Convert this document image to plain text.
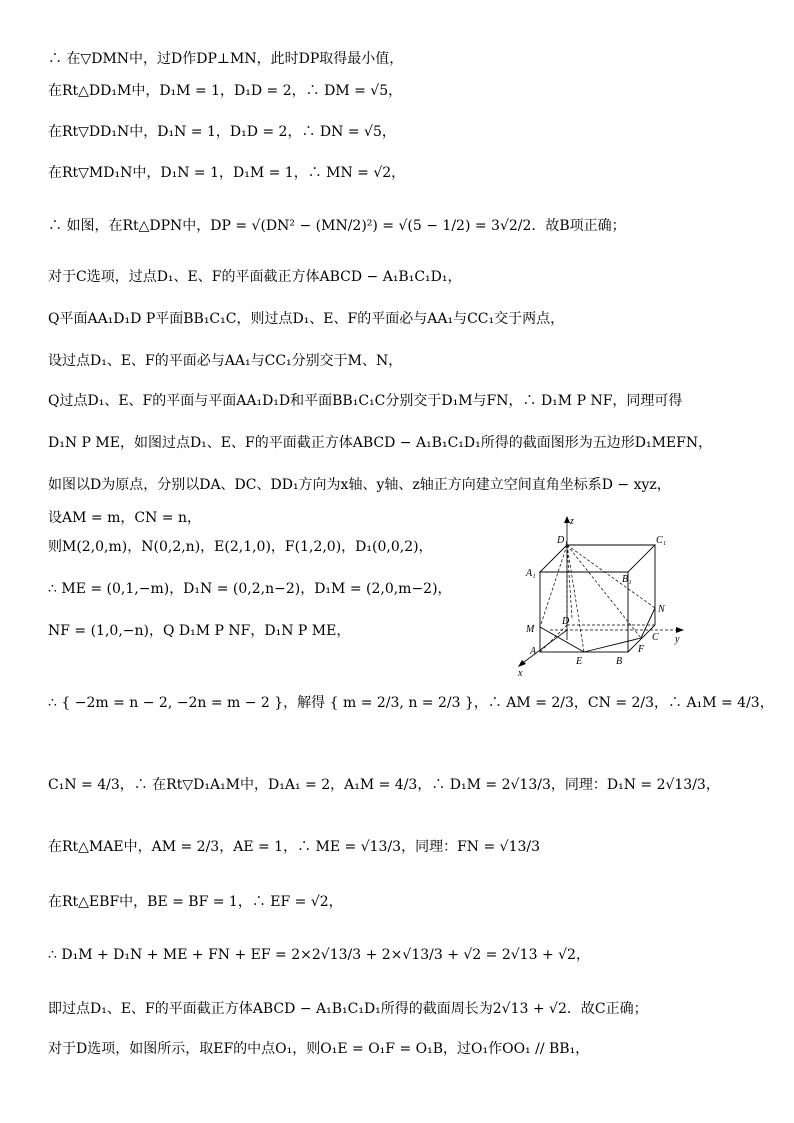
∴ 在▽DMN中，过D作DP⊥MN，此时DP取得最小值，
在Rt△DD₁M中，D₁M = 1，D₁D = 2，∴ DM = √5，
在Rt▽DD₁N中，D₁N = 1，D₁D = 2，∴ DN = √5，
在Rt▽MD₁N中，D₁N = 1，D₁M = 1，∴ MN = √2，
∴ 如图，在Rt△DPN中，DP = √(DN² − (MN/2)²) = √(5 − 1/2) = 3√2/2．故B项正确；
对于C选项，过点D₁、E、F的平面截正方体ABCD − A₁B₁C₁D₁，
Q平面AA₁D₁D P平面BB₁C₁C，则过点D₁、E、F的平面必与AA₁与CC₁交于两点，
设过点D₁、E、F的平面必与AA₁与CC₁分别交于M、N，
Q过点D₁、E、F的平面与平面AA₁D₁D和平面BB₁C₁C分别交于D₁M与FN，∴ D₁M P NF，同理可得
D₁N P ME，如图过点D₁、E、F的平面截正方体ABCD − A₁B₁C₁D₁所得的截面图形为五边形D₁MEFN，
如图以D为原点，分别以DA、DC、DD₁方向为x轴、y轴、z轴正方向建立空间直角坐标系D − xyz，
设AM = m，CN = n，
则M(2,0,m)，N(0,2,n)，E(2,1,0)，F(1,2,0)，D₁(0,0,2)，
∴ ME = (0,1,−m)，D₁N = (0,2,n−2)，D₁M = (2,0,m−2)，
NF = (1,0,−n)，Q D₁M P NF，D₁N P ME，
∴ { −2m = n − 2, −2n = m − 2 }，解得 { m = 2/3, n = 2/3 }，∴ AM = 2/3，CN = 2/3，∴ A₁M = 4/3，
C₁N = 4/3，∴ 在Rt▽D₁A₁M中，D₁A₁ = 2，A₁M = 4/3，∴ D₁M = 2√13/3，同理：D₁N = 2√13/3，
在Rt△MAE中，AM = 2/3，AE = 1，∴ ME = √13/3，同理：FN = √13/3
在Rt△EBF中，BE = BF = 1，∴ EF = √2，
∴ D₁M + D₁N + ME + FN + EF = 2×2√13/3 + 2×√13/3 + √2 = 2√13 + √2，
即过点D₁、E、F的平面截正方体ABCD − A₁B₁C₁D₁所得的截面周长为2√13 + √2．故C正确；
对于D选项，如图所示，取EF的中点O₁，则O₁E = O₁F = O₁B，过O₁作OO₁ // BB₁，
z
y
x
D₁	C₁
A₁
B₁
N
M
D
A
E	B
C
F
